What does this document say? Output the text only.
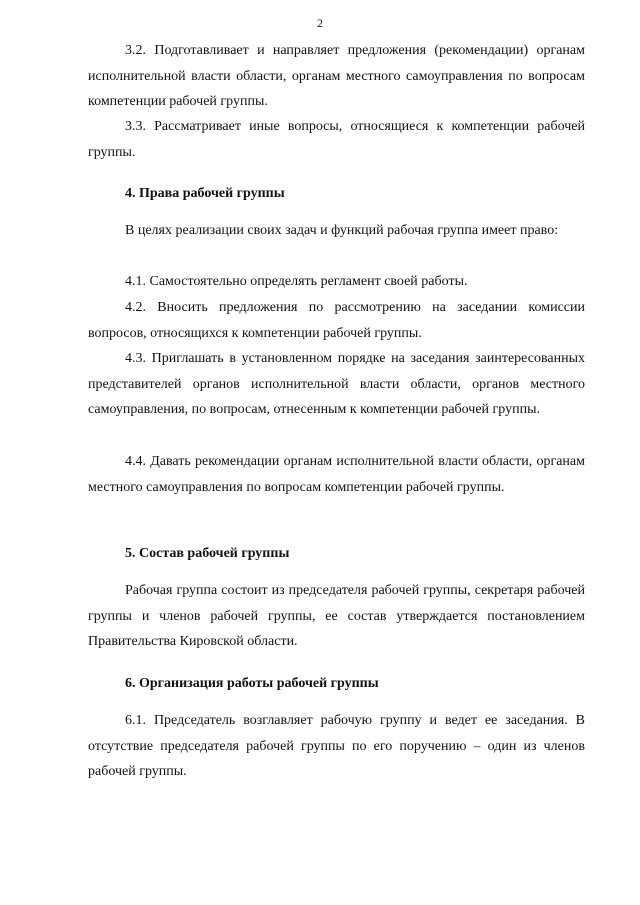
2

3.2. Подготавливает и направляет предложения (рекомендации) органам исполнительной власти области, органам местного самоуправления по вопросам компетенции рабочей группы.

3.3. Рассматривает иные вопросы, относящиеся к компетенции рабочей группы.

4. Права рабочей группы

В целях реализации своих задач и функций рабочая группа имеет право:

4.1. Самостоятельно определять регламент своей работы.

4.2. Вносить предложения по рассмотрению на заседании комиссии вопросов, относящихся к компетенции рабочей группы.

4.3. Приглашать в установленном порядке на заседания заинтересованных представителей органов исполнительной власти области, органов местного самоуправления, по вопросам, отнесенным к компетенции рабочей группы.

4.4. Давать рекомендации органам исполнительной власти области, органам местного самоуправления по вопросам компетенции рабочей группы.

5. Состав рабочей группы

Рабочая группа состоит из председателя рабочей группы, секретаря рабочей группы и членов рабочей группы, ее состав утверждается постановлением Правительства Кировской области.

6. Организация работы рабочей группы

6.1. Председатель возглавляет рабочую группу и ведет ее заседания. В отсутствие председателя рабочей группы по его поручению – один из членов рабочей группы.
